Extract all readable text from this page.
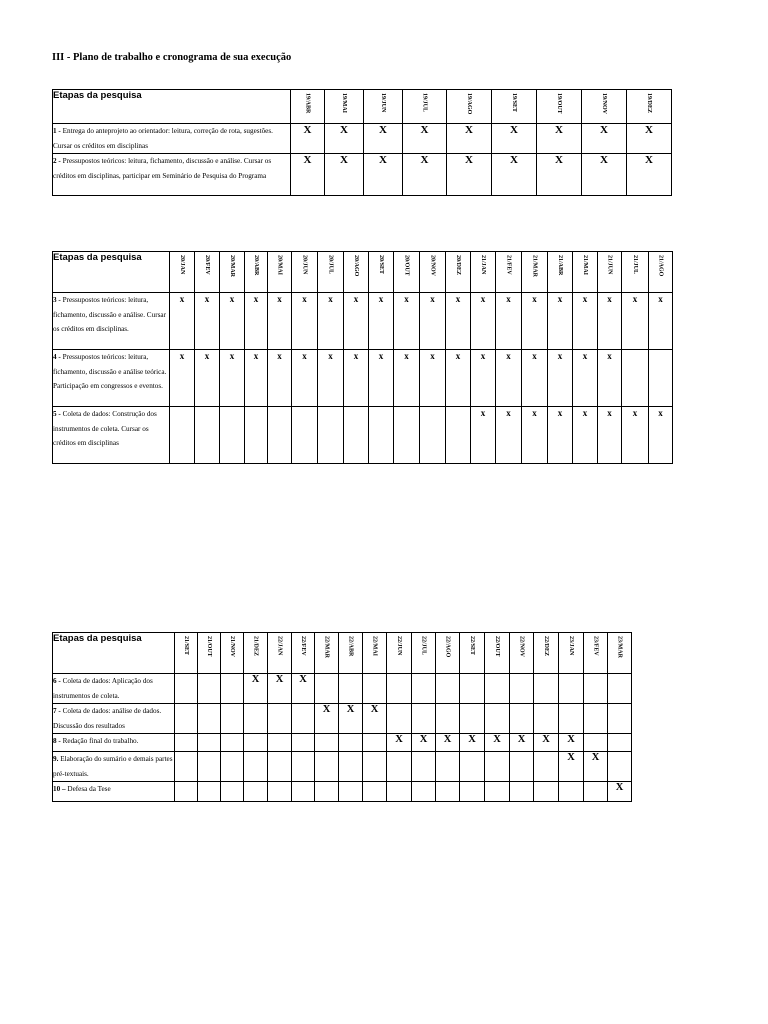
III - Plano de trabalho e cronograma de sua execução
Etapas da pesquisa	19/ABR	19/MAI	19/JUN	19/JUL	19/AGO	19/SET	19/OUT	19/NOV	19/DEZ

1 - Entrega do anteprojeto ao orientador: leitura, correção de rota, sugestões. Cursar os créditos em disciplinas	X	X	X	X	X	X	X	X	X
2 - Pressupostos teóricos: leitura, fichamento, discussão e análise. Cursar os créditos em disciplinas, participar em Seminário de Pesquisa do Programa	X	X	X	X	X	X	X	X	X
Etapas da pesquisa	20/JAN	20/FEV	20/MAR	20/ABR	20/MAI	20/JUN	20/JUL	20/AGO	20/SET	20/OUT	20/NOV	20/DEZ	21/JAN	21/FEV	21/MAR	21/ABR	21/MAI	21/JUN	21/JUL	21/AGO

3 - Pressupostos teóricos: leitura, fichamento, discussão e análise. Cursar os créditos em disciplinas.	x	x	x	x	x	x	x	x	x	x	x	x	x	x	x	x	x	x	x	x
4 - Pressupostos teóricos: leitura, fichamento, discussão e análise teórica. Participação em congressos e eventos.	x	x	x	x	x	x	x	x	x	x	x	x	x	x	x	x	x	x		
5 - Coleta de dados: Construção dos instrumentos de coleta. Cursar os créditos em disciplinas													x	x	x	x	x	x	x	x
Etapas da pesquisa	21/SET	21/OUT	21/NOV	21/DEZ	22/JAN	22/FEV	22/MAR	22/ABR	22/MAI	22/JUN	22/JUL	22/AGO	22/SET	22/OUT	22/NOV	22/DEZ	23/JAN	23/FEV	23/MAR

6 - Coleta de dados: Aplicação dos instrumentos de coleta.				X	X	X													
7 - Coleta de dados: análise de dados. Discussão dos resultados							X	X	X										
8 - Redação final do trabalho.										X	X	X	X	X	X	X	X		
9. Elaboração do sumário e demais partes pré-textuais.																	X	X	
10 – Defesa da Tese																			X
